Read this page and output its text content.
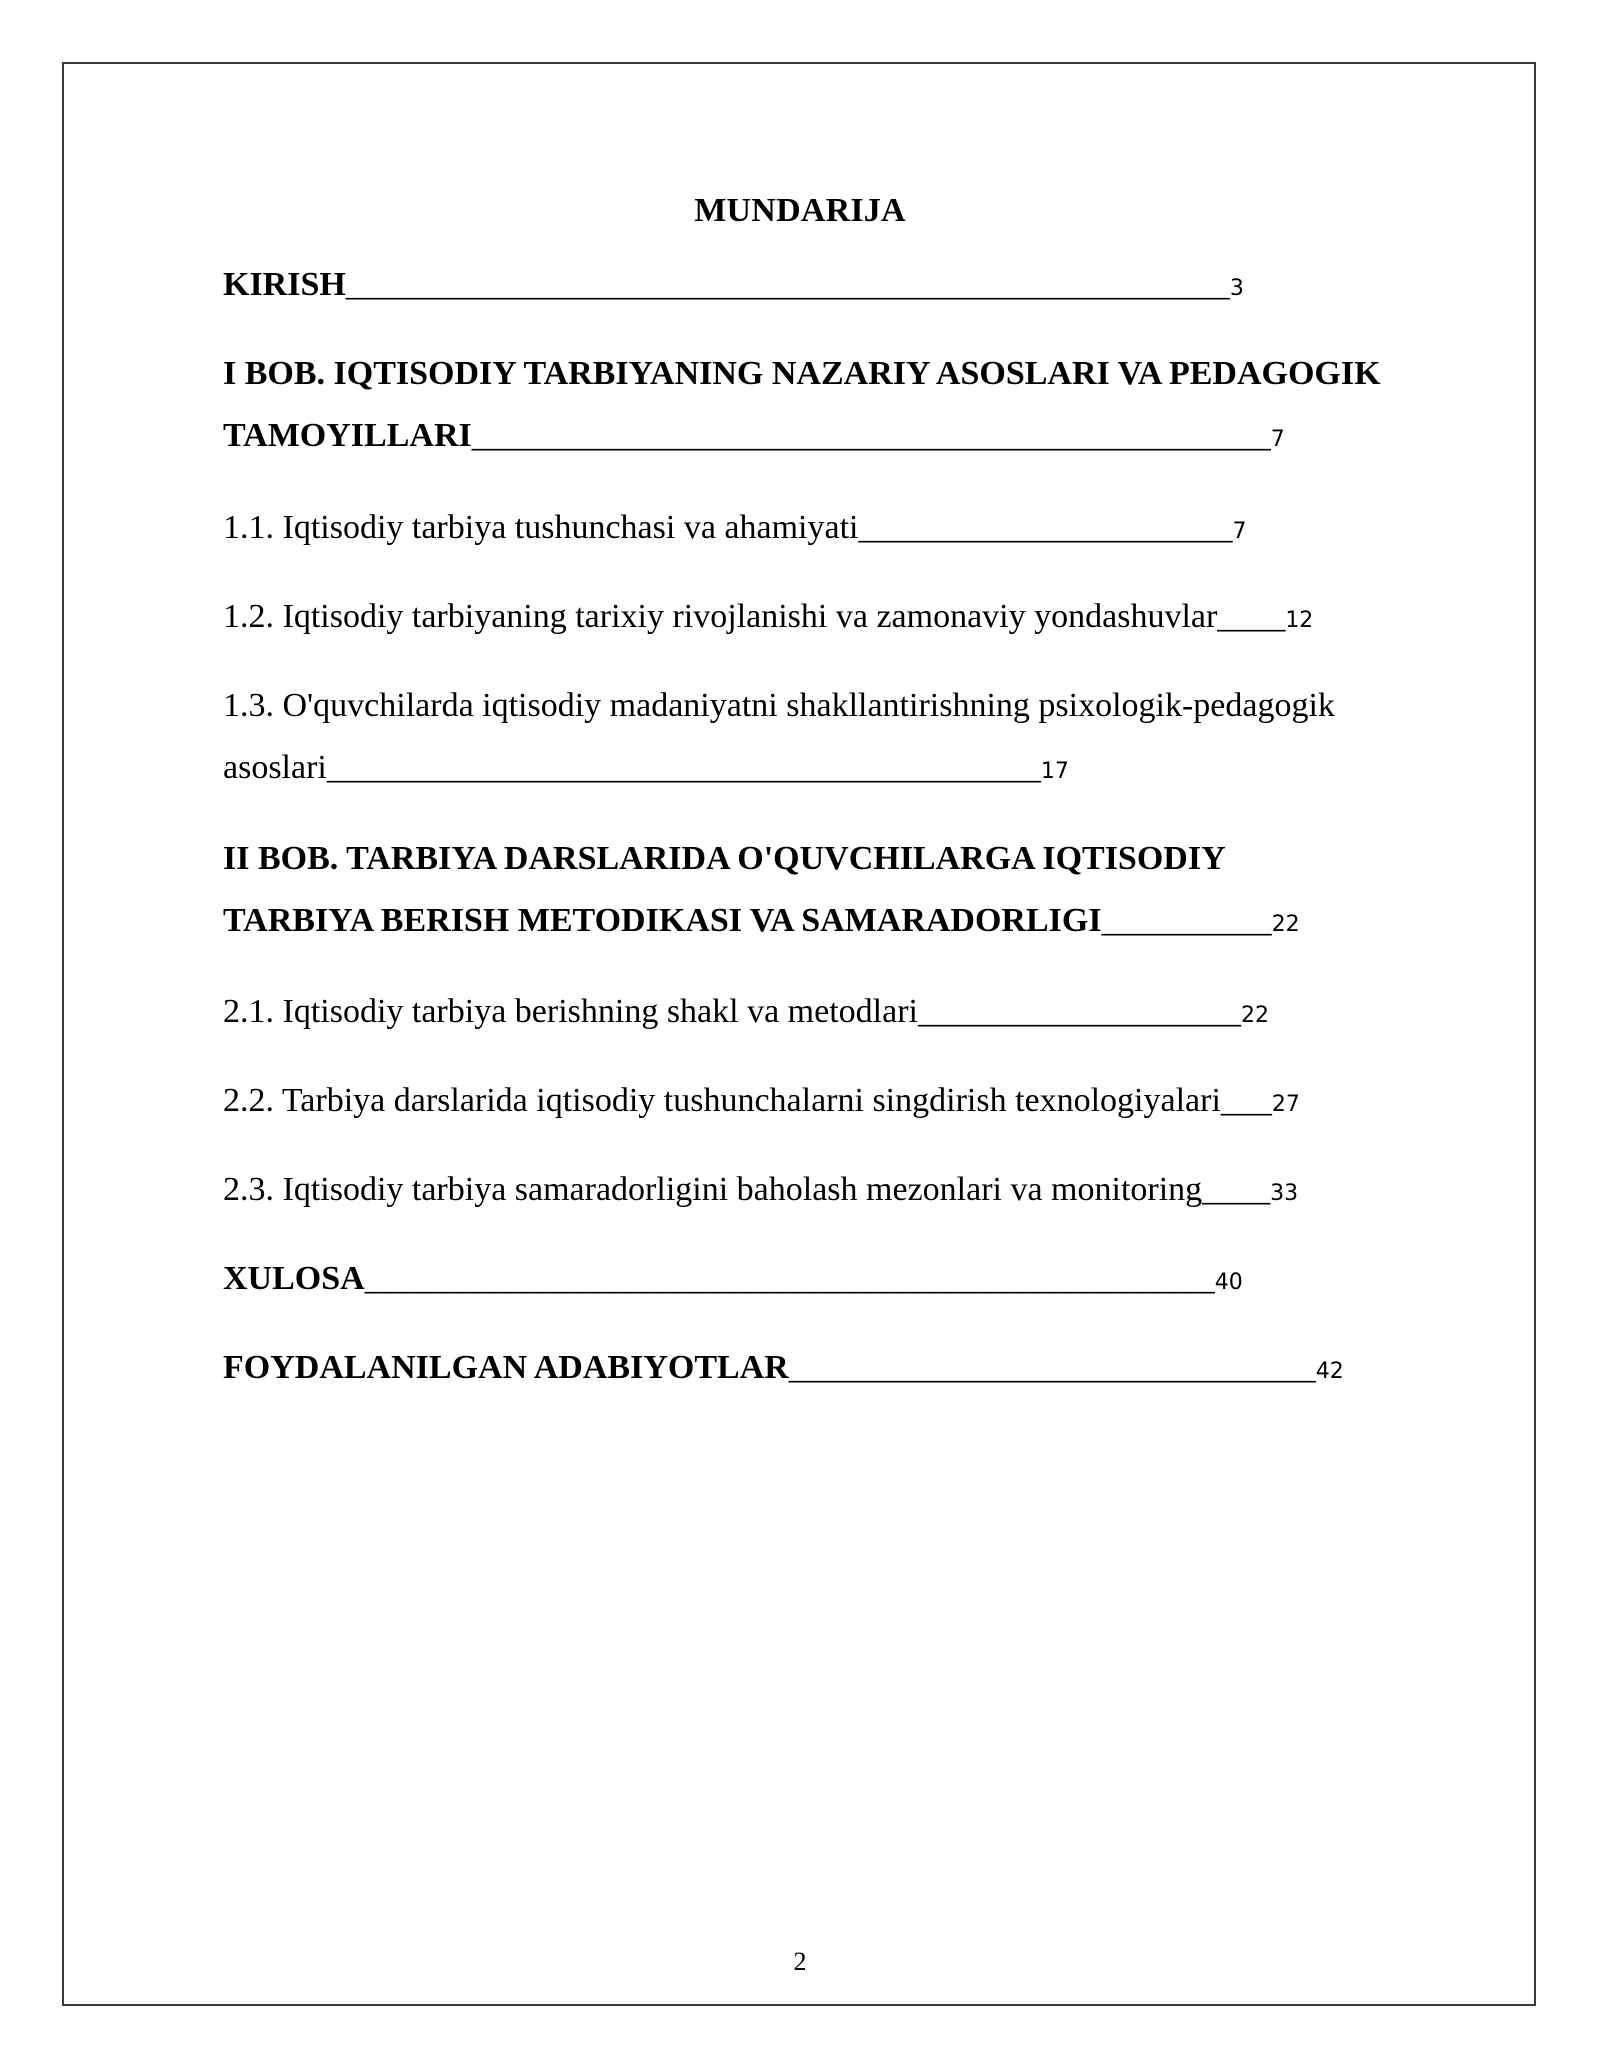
MUNDARIJA
KIRISH____________________________________________________3
I BOB. IQTISODIY TARBIYANING NAZARIY ASOSLARI VA PEDAGOGIK
TAMOYILLARI_______________________________________________7
1.1. Iqtisodiy tarbiya tushunchasi va ahamiyati______________________7
1.2. Iqtisodiy tarbiyaning tarixiy rivojlanishi va zamonaviy yondashuvlar____12
1.3. O'quvchilarda iqtisodiy madaniyatni shakllantirishning psixologik-pedagogik
asoslari__________________________________________17
II BOB. TARBIYA DARSLARIDA O'QUVCHILARGA IQTISODIY
TARBIYA BERISH METODIKASI VA SAMARADORLIGI__________22
2.1. Iqtisodiy tarbiya berishning shakl va metodlari___________________22
2.2. Tarbiya darslarida iqtisodiy tushunchalarni singdirish texnologiyalari___27
2.3. Iqtisodiy tarbiya samaradorligini baholash mezonlari va monitoring____33
XULOSA__________________________________________________40
FOYDALANILGAN ADABIYOTLAR_______________________________42
2
